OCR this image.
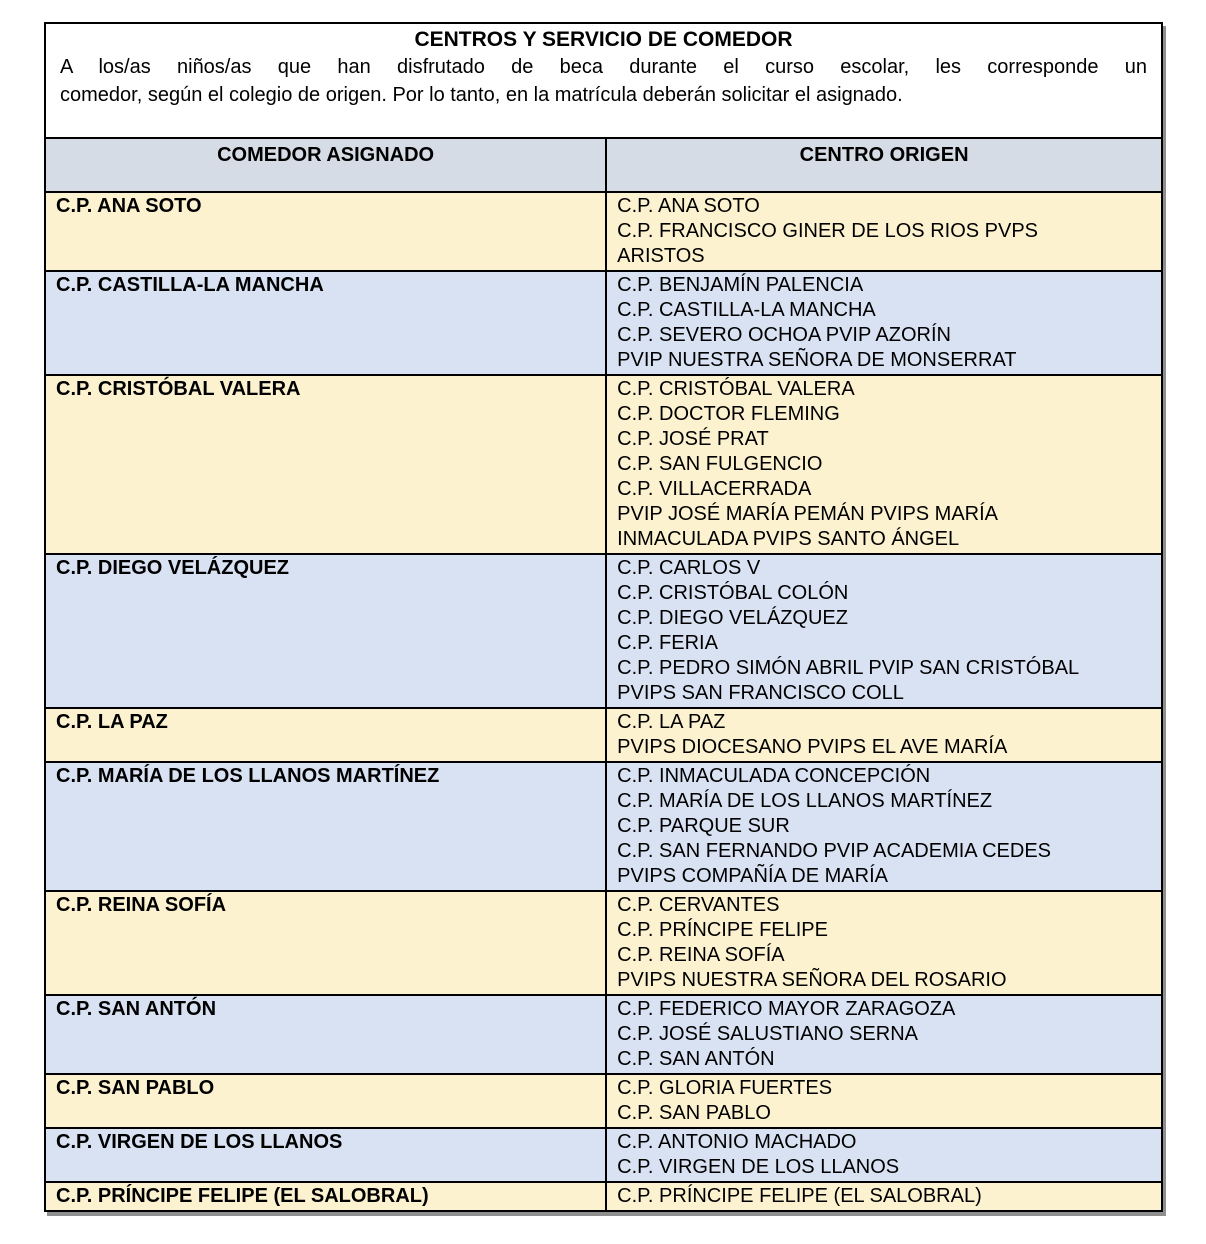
CENTROS Y SERVICIO DE COMEDOR
A los/as niños/as que han disfrutado de beca durante el curso escolar, les corresponde un
comedor, según el colegio de origen. Por lo tanto, en la matrícula deberán solicitar el asignado.
COMEDOR ASIGNADO	CENTRO ORIGEN
C.P. ANA SOTO	C.P. ANA SOTO
C.P. FRANCISCO GINER DE LOS RIOS PVPS
ARISTOS
C.P. CASTILLA-LA MANCHA	C.P. BENJAMÍN PALENCIA
C.P. CASTILLA-LA MANCHA
C.P. SEVERO OCHOA PVIP AZORÍN
PVIP NUESTRA SEÑORA DE MONSERRAT
C.P. CRISTÓBAL VALERA	C.P. CRISTÓBAL VALERA
C.P. DOCTOR FLEMING
C.P. JOSÉ PRAT
C.P. SAN FULGENCIO
C.P. VILLACERRADA
PVIP JOSÉ MARÍA PEMÁN PVIPS MARÍA
INMACULADA PVIPS SANTO ÁNGEL
C.P. DIEGO VELÁZQUEZ	C.P. CARLOS V
C.P. CRISTÓBAL COLÓN
C.P. DIEGO VELÁZQUEZ
C.P. FERIA
C.P. PEDRO SIMÓN ABRIL PVIP SAN CRISTÓBAL
PVIPS SAN FRANCISCO COLL
C.P. LA PAZ	C.P. LA PAZ
PVIPS DIOCESANO PVIPS EL AVE MARÍA
C.P. MARÍA DE LOS LLANOS MARTÍNEZ	C.P. INMACULADA CONCEPCIÓN
C.P. MARÍA DE LOS LLANOS MARTÍNEZ
C.P. PARQUE SUR
C.P. SAN FERNANDO PVIP ACADEMIA CEDES
PVIPS COMPAÑÍA DE MARÍA
C.P. REINA SOFÍA	C.P. CERVANTES
C.P. PRÍNCIPE FELIPE
C.P. REINA SOFÍA
PVIPS NUESTRA SEÑORA DEL ROSARIO
C.P. SAN ANTÓN	C.P. FEDERICO MAYOR ZARAGOZA
C.P. JOSÉ SALUSTIANO SERNA
C.P. SAN ANTÓN
C.P. SAN PABLO	C.P. GLORIA FUERTES
C.P. SAN PABLO
C.P. VIRGEN DE LOS LLANOS	C.P. ANTONIO MACHADO
C.P. VIRGEN DE LOS LLANOS
C.P. PRÍNCIPE FELIPE (EL SALOBRAL)	C.P. PRÍNCIPE FELIPE (EL SALOBRAL)
